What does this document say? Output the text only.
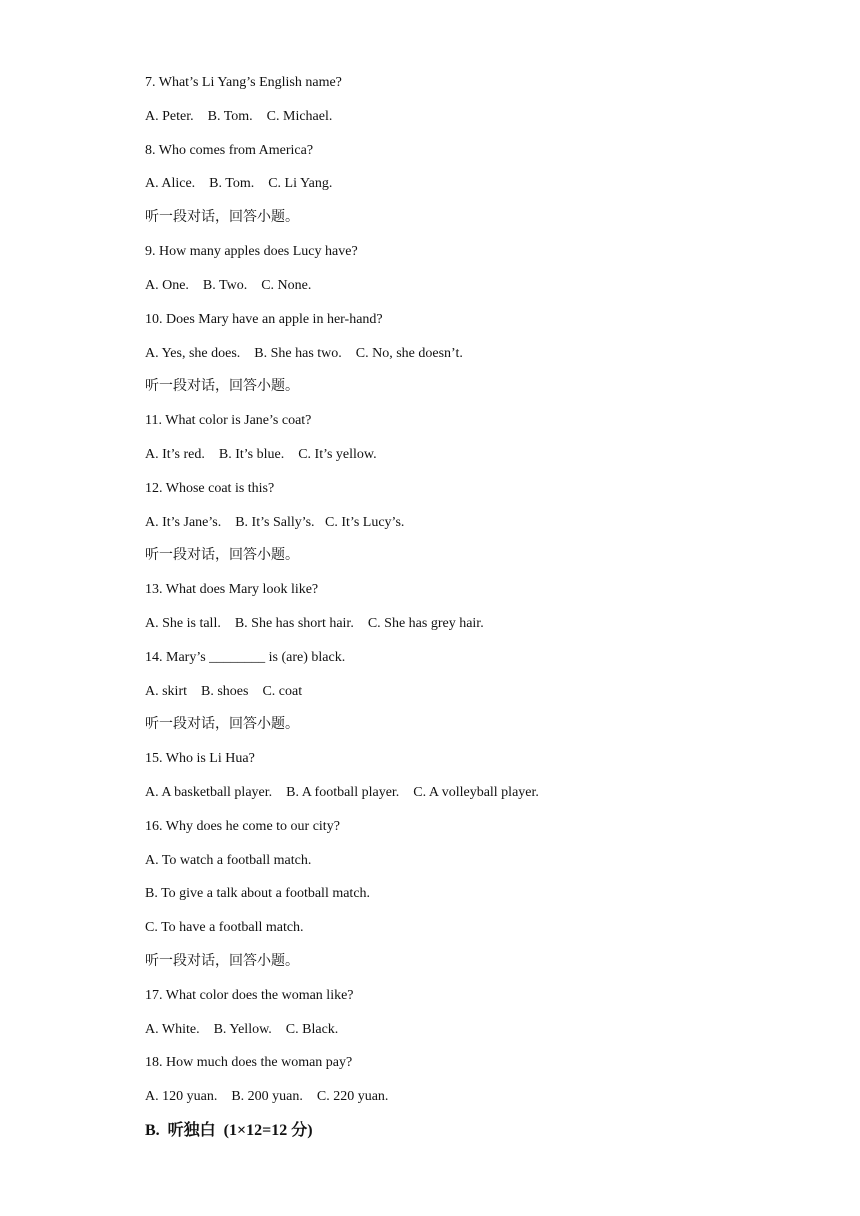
7. What’s Li Yang’s English name?
A. Peter.    B. Tom.    C. Michael.
8. Who comes from America?
A. Alice.    B. Tom.    C. Li Yang.
听一段对话，回答小题。
9. How many apples does Lucy have?
A. One.    B. Two.    C. None.
10. Does Mary have an apple in her-hand?
A. Yes, she does.    B. She has two.    C. No, she doesn’t.
听一段对话，回答小题。
11. What color is Jane’s coat?
A. It’s red.    B. It’s blue.    C. It’s yellow.
12. Whose coat is this?
A. It’s Jane’s.    B. It’s Sally’s.   C. It’s Lucy’s.
听一段对话，回答小题。
13. What does Mary look like?
A. She is tall.    B. She has short hair.    C. She has grey hair.
14. Mary’s ________ is (are) black.
A. skirt    B. shoes    C. coat
听一段对话，回答小题。
15. Who is Li Hua?
A. A basketball player.    B. A football player.    C. A volleyball player.
16. Why does he come to our city?
A. To watch a football match.
B. To give a talk about a football match.
C. To have a football match.
听一段对话，回答小题。
17. What color does the woman like?
A. White.    B. Yellow.    C. Black.
18. How much does the woman pay?
A. 120 yuan.    B. 200 yuan.    C. 220 yuan.
B.  听独白  (1×12=12 分)
